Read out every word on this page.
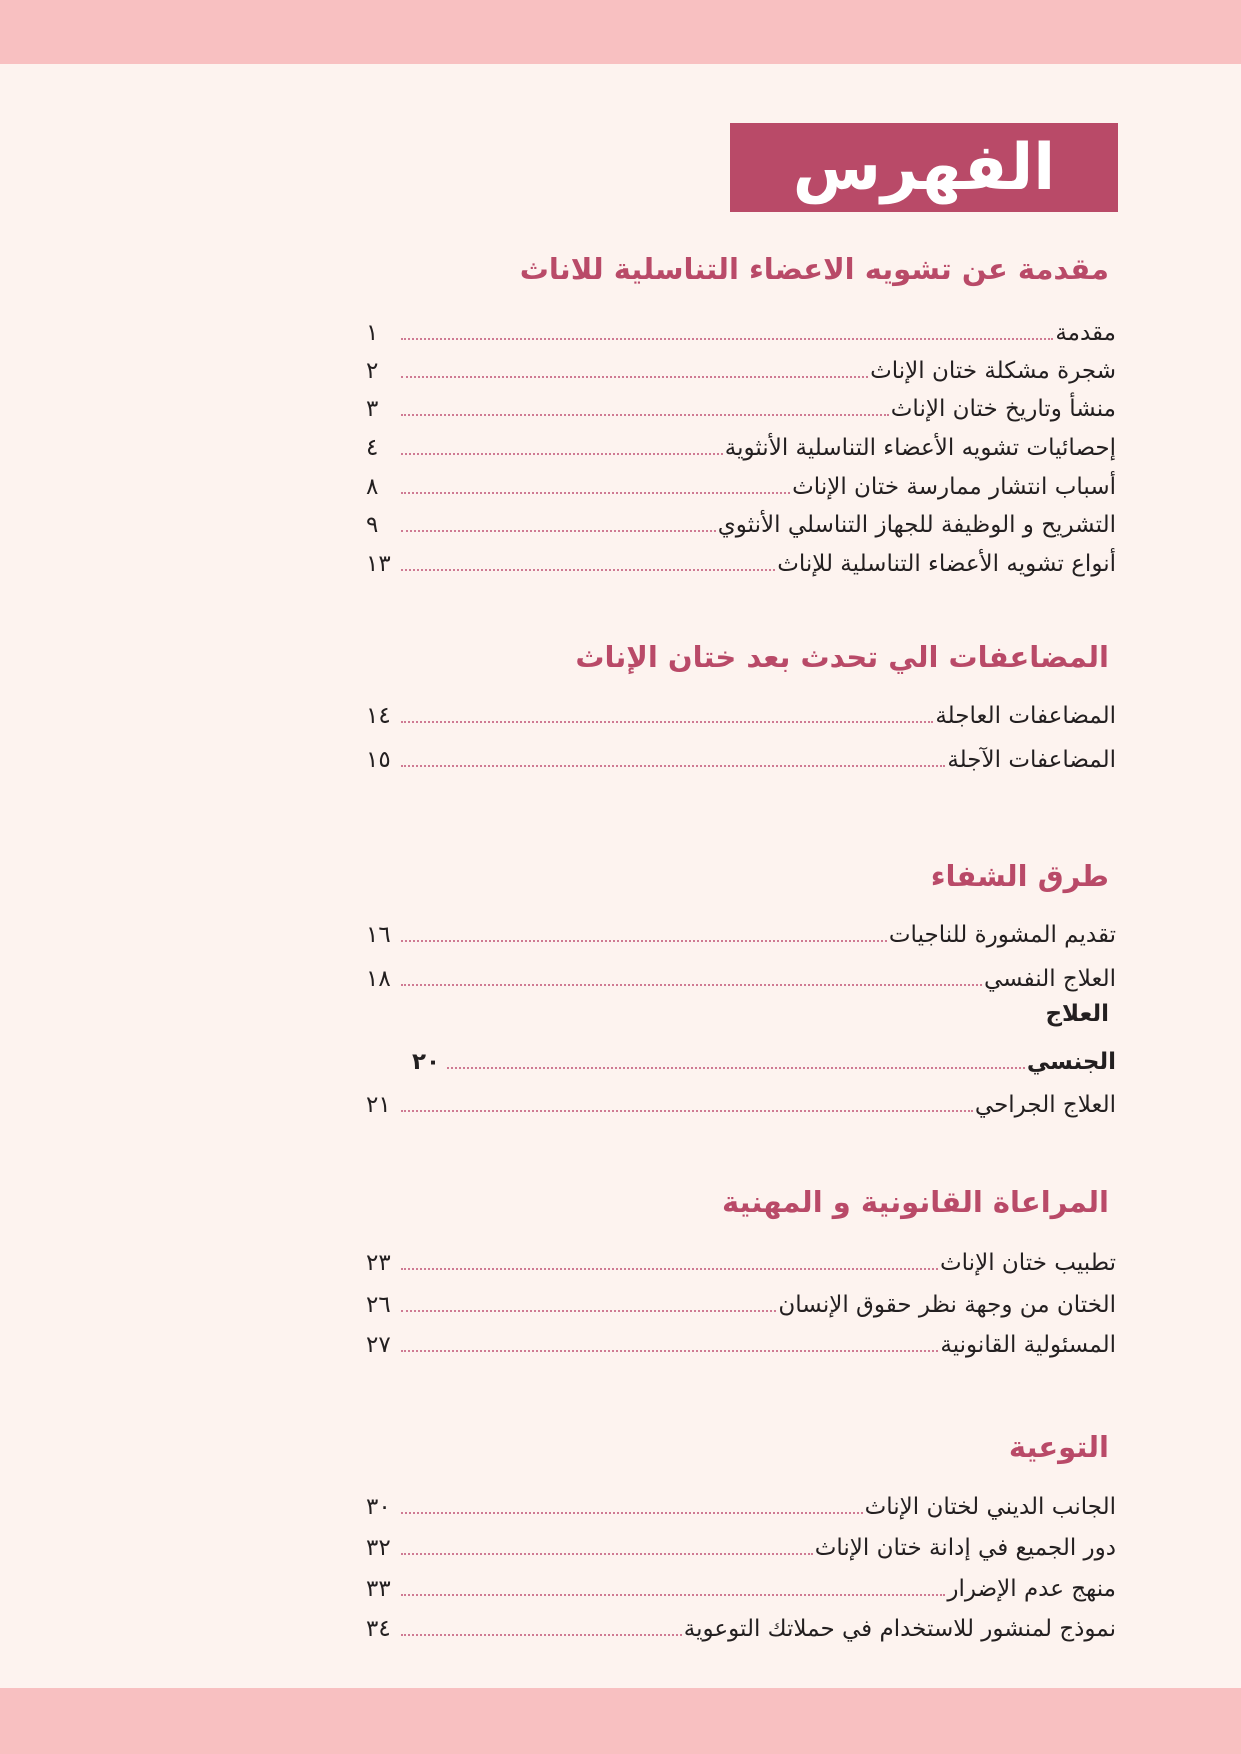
الفهرس
مقدمة عن تشويه الاعضاء التناسلية للاناث
مقدمة
١
شجرة مشكلة ختان الإناث
٢
منشأ وتاريخ ختان الإناث
٣
إحصائيات تشويه الأعضاء التناسلية الأنثوية
٤
أسباب انتشار ممارسة ختان الإناث
٨
التشريح و الوظيفة للجهاز التناسلي الأنثوي
٩
أنواع تشويه الأعضاء التناسلية للإناث
١٣
المضاعفات الي تحدث بعد ختان الإناث
المضاعفات العاجلة
١٤
المضاعفات الآجلة
١٥
طرق الشفاء
تقديم المشورة للناجيات
١٦
العلاج النفسي
١٨
العلاج
الجنسي
٢٠
العلاج الجراحي
٢١
المراعاة القانونية و المهنية
تطبيب ختان الإناث
٢٣
الختان من وجهة نظر حقوق الإنسان
٢٦
المسئولية القانونية
٢٧
التوعية
الجانب الديني لختان الإناث
٣٠
دور الجميع في إدانة ختان الإناث
٣٢
منهج عدم الإضرار
٣٣
نموذج لمنشور للاستخدام في حملاتك التوعوية
٣٤
